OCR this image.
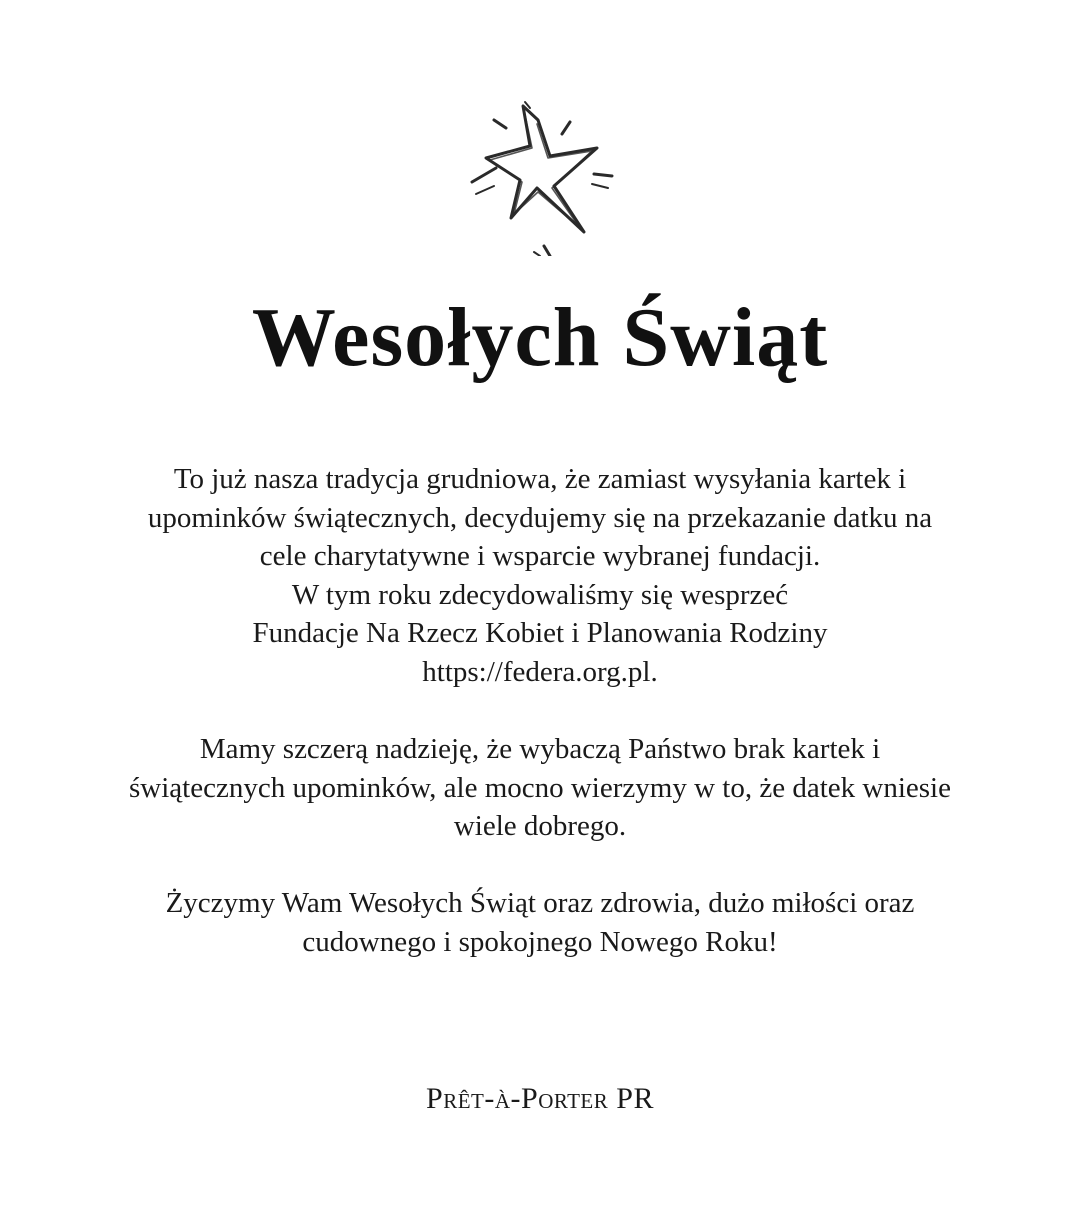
Wesołych Świąt

To już nasza tradycja grudniowa, że zamiast wysyłania kartek i

upominków świątecznych, decydujemy się na przekazanie datku na

cele charytatywne i wsparcie wybranej fundacji.

W tym roku zdecydowaliśmy się wesprzeć

Fundacje Na Rzecz Kobiet i Planowania Rodziny

https://federa.org.pl.

Mamy szczerą nadzieję, że wybaczą Państwo brak kartek i

świątecznych upominków, ale mocno wierzymy w to, że datek wniesie

wiele dobrego.

Życzymy Wam Wesołych Świąt oraz zdrowia, dużo miłości oraz

cudownego i spokojnego Nowego Roku!

Prêt-à-Porter PR
